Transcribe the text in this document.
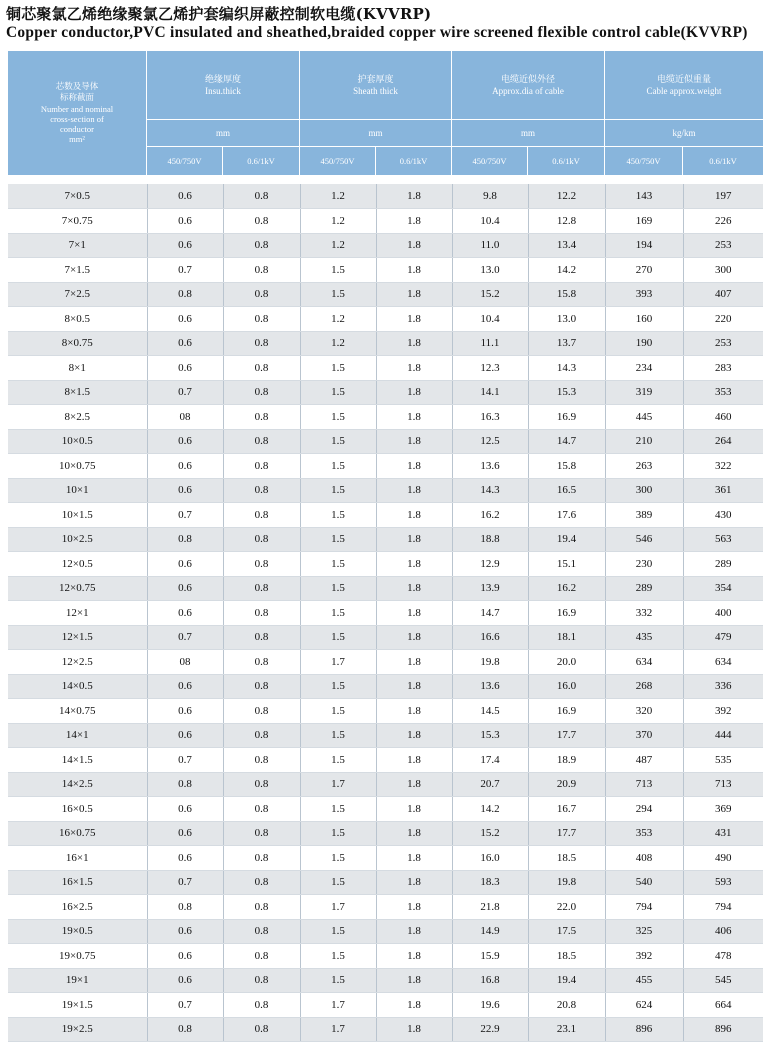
铜芯聚氯乙烯绝缘聚氯乙烯护套编织屏蔽控制软电缆(KVVRP)
Copper conductor,PVC insulated and sheathed,braided copper wire screened flexible control cable(KVVRP)
芯数及导体
标称截面
Number and nominal
cross-section of
conductor
mm²
绝缘厚度
Insu.thick
护套厚度
Sheath thick
电缆近似外径
Approx.dia of cable
电缆近似重量
Cable approx.weight
mm	mm	mm	kg/km
450/750V	0.6/1kV	450/750V	0.6/1kV	450/750V	0.6/1kV	450/750V	0.6/1kV
7×0.5	0.6	0.8	1.2	1.8	9.8	12.2	143	197
7×0.75	0.6	0.8	1.2	1.8	10.4	12.8	169	226
7×1	0.6	0.8	1.2	1.8	11.0	13.4	194	253
7×1.5	0.7	0.8	1.5	1.8	13.0	14.2	270	300
7×2.5	0.8	0.8	1.5	1.8	15.2	15.8	393	407
8×0.5	0.6	0.8	1.2	1.8	10.4	13.0	160	220
8×0.75	0.6	0.8	1.2	1.8	11.1	13.7	190	253
8×1	0.6	0.8	1.5	1.8	12.3	14.3	234	283
8×1.5	0.7	0.8	1.5	1.8	14.1	15.3	319	353
8×2.5	08	0.8	1.5	1.8	16.3	16.9	445	460
10×0.5	0.6	0.8	1.5	1.8	12.5	14.7	210	264
10×0.75	0.6	0.8	1.5	1.8	13.6	15.8	263	322
10×1	0.6	0.8	1.5	1.8	14.3	16.5	300	361
10×1.5	0.7	0.8	1.5	1.8	16.2	17.6	389	430
10×2.5	0.8	0.8	1.5	1.8	18.8	19.4	546	563
12×0.5	0.6	0.8	1.5	1.8	12.9	15.1	230	289
12×0.75	0.6	0.8	1.5	1.8	13.9	16.2	289	354
12×1	0.6	0.8	1.5	1.8	14.7	16.9	332	400
12×1.5	0.7	0.8	1.5	1.8	16.6	18.1	435	479
12×2.5	08	0.8	1.7	1.8	19.8	20.0	634	634
14×0.5	0.6	0.8	1.5	1.8	13.6	16.0	268	336
14×0.75	0.6	0.8	1.5	1.8	14.5	16.9	320	392
14×1	0.6	0.8	1.5	1.8	15.3	17.7	370	444
14×1.5	0.7	0.8	1.5	1.8	17.4	18.9	487	535
14×2.5	0.8	0.8	1.7	1.8	20.7	20.9	713	713
16×0.5	0.6	0.8	1.5	1.8	14.2	16.7	294	369
16×0.75	0.6	0.8	1.5	1.8	15.2	17.7	353	431
16×1	0.6	0.8	1.5	1.8	16.0	18.5	408	490
16×1.5	0.7	0.8	1.5	1.8	18.3	19.8	540	593
16×2.5	0.8	0.8	1.7	1.8	21.8	22.0	794	794
19×0.5	0.6	0.8	1.5	1.8	14.9	17.5	325	406
19×0.75	0.6	0.8	1.5	1.8	15.9	18.5	392	478
19×1	0.6	0.8	1.5	1.8	16.8	19.4	455	545
19×1.5	0.7	0.8	1.7	1.8	19.6	20.8	624	664
19×2.5	0.8	0.8	1.7	1.8	22.9	23.1	896	896
